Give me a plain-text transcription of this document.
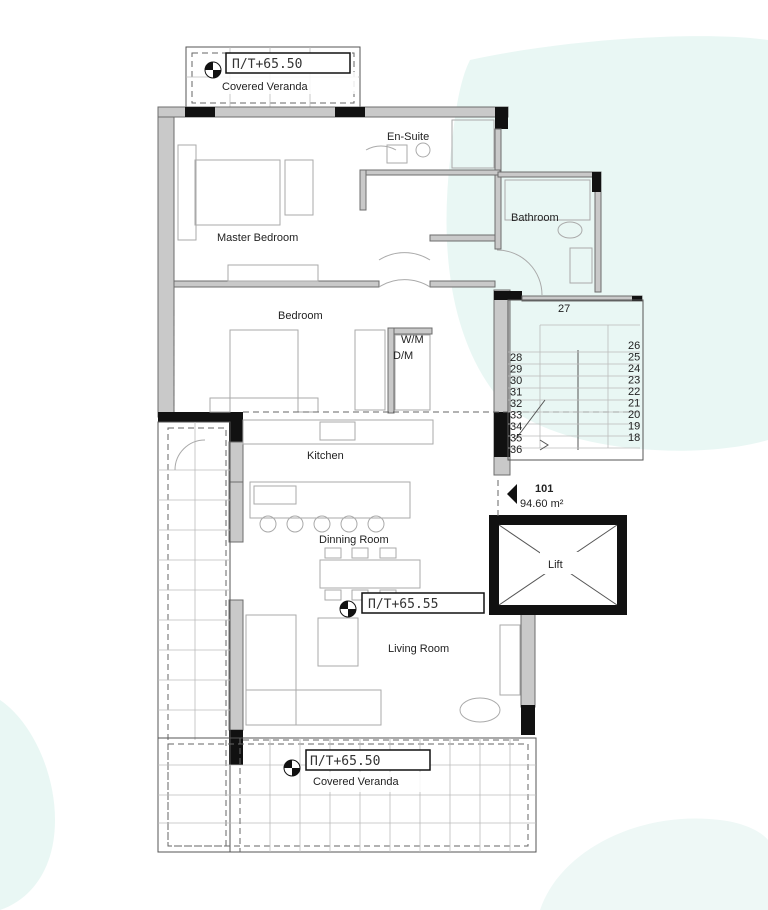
Π/Τ+65.50
Covered Veranda
En-Suite
Bathroom
Master Bedroom
Bedroom
W/M
D/M
Kitchen
Dinning Room
Living Room
Lift
Π/Τ+65.55
Π/Τ+65.50
Covered Veranda
101
94.60 m²
27
28
29
30
31
32
33
34
35
36
26
25
24
23
22
21
20
19
18
